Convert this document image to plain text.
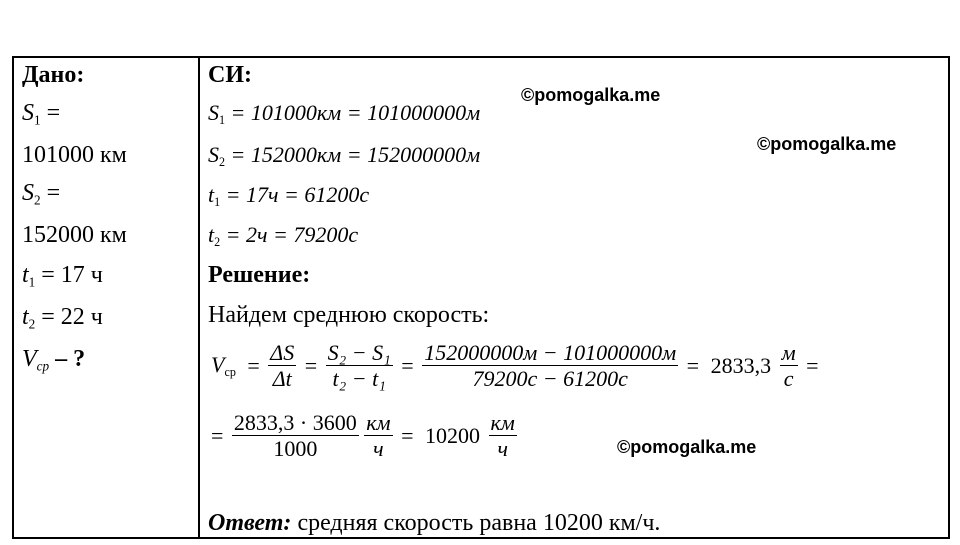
Дано:
$S_1$ =
101000 км
$S_2$ =
152000 км
$t_1 = 17$ ч
$t_2 = 22$ ч
$V_{ср}$ – ?
СИ:
$S_1 = 101000км = 101000000м$
$S_2 = 152000км = 152000000м$
$t_1 = 17ч = 61200с$
$t_2 = 2ч = 79200с$
Решение:
Найдем среднюю скорость:
$V_{ср} = \frac{\Delta S}{\Delta t} = \frac{\text{S₂ − S₁}}{\text{t₂ − t₁}} = \frac{152000000м - 101000000м}{79200с - 61200с} = 2833,3 \frac{м}{с}$ =
= $\frac{2833,3 \cdot 3600}{1000}$
$\frac{км}{ч} = 10200 \frac{км}{ч}$
Ответ: средняя скорость равна 10200 км/ч.
©pomogalka.me
©pomogalka.me
©pomogalka.me
